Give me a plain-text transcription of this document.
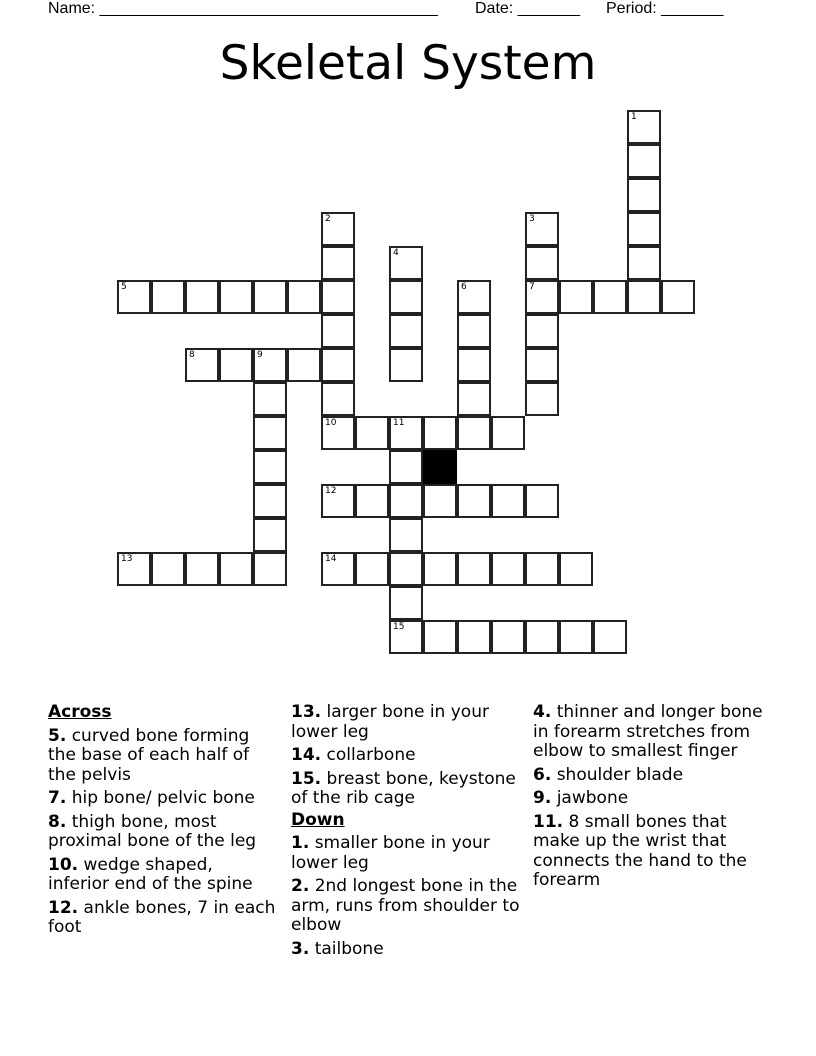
Name: ______________________________________ Date: _______ Period: _______
Skeletal System
1
2
10
3
7
4
5	6
8	9
11
15
12
13	14
Across
5. curved bone forming the base of each half of the pelvis
7. hip bone/ pelvic bone
8. thigh bone, most proximal bone of the leg
10. wedge shaped, inferior end of the spine
12. ankle bones, 7 in each foot
13. larger bone in your lower leg
14. collarbone
15. breast bone, keystone of the rib cage
Down
1. smaller bone in your lower leg
2. 2nd longest bone in the arm, runs from shoulder to elbow
3. tailbone
4. thinner and longer bone in forearm stretches from elbow to smallest finger
6. shoulder blade
9. jawbone
11. 8 small bones that make up the wrist that connects the hand to the forearm
